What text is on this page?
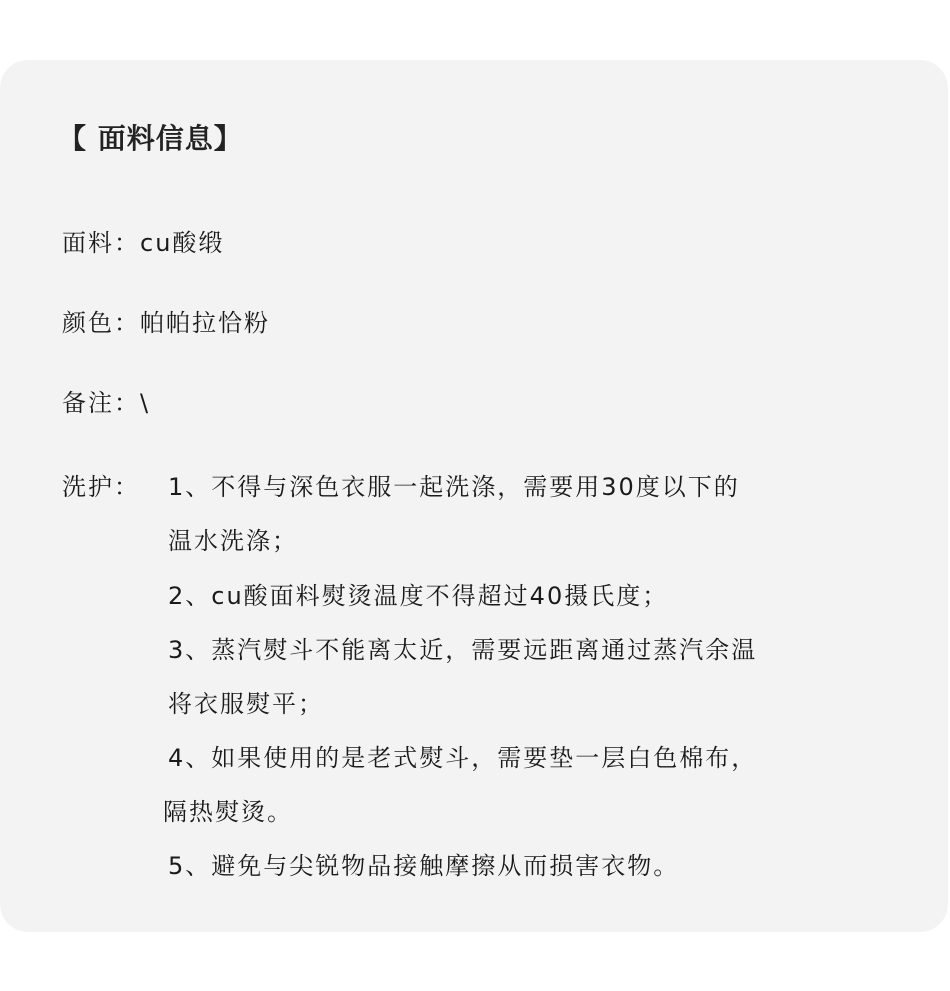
【 面料信息】
面料：cu酸缎
颜色：帕帕拉恰粉
备注：\
洗护： 1、不得与深色衣服一起洗涤，需要用30度以下的
温水洗涤；
2、cu酸面料熨烫温度不得超过40摄氏度；
3、蒸汽熨斗不能离太近，需要远距离通过蒸汽余温
将衣服熨平；
4、如果使用的是老式熨斗，需要垫一层白色棉布，
隔热熨烫。
5、避免与尖锐物品接触摩擦从而损害衣物。
